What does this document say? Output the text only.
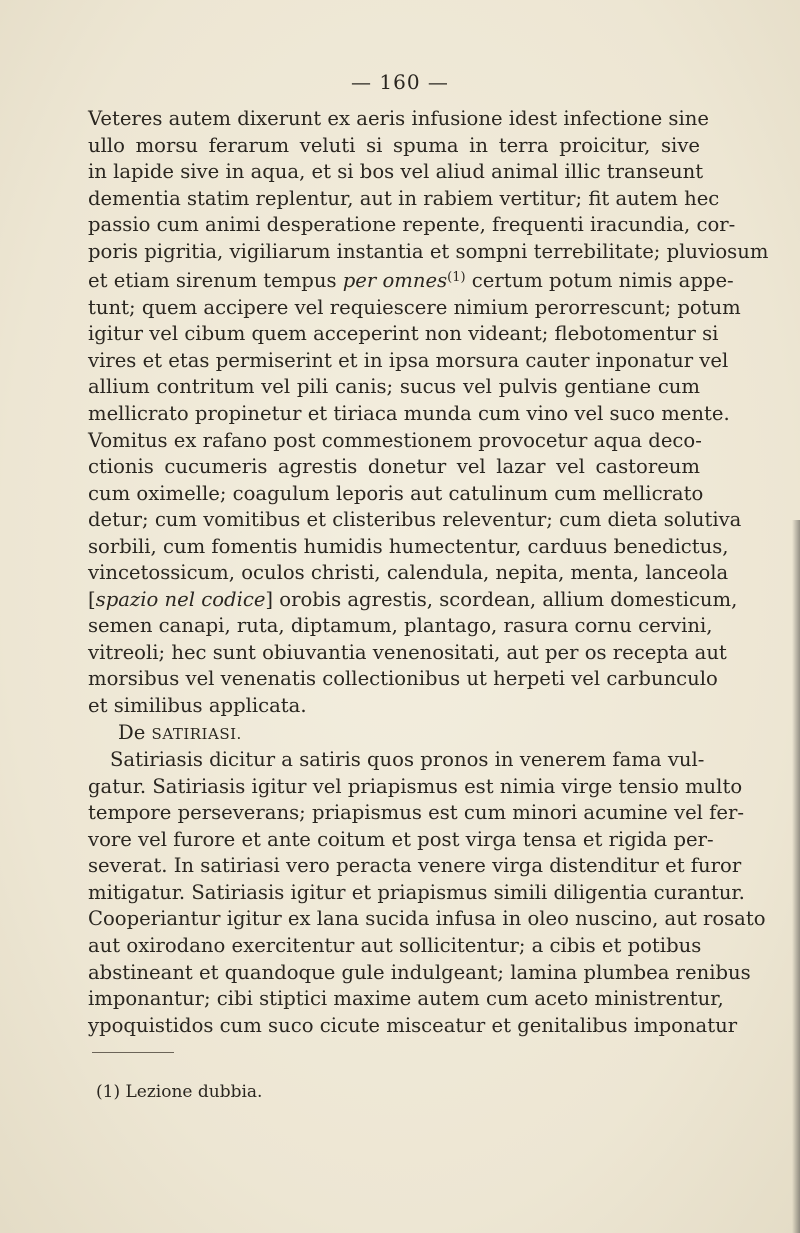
— 160 —
Veteres autem dixerunt ex aeris infusione idest infectione sine
ullo morsu ferarum veluti si spuma in terra proicitur, sive
in lapide sive in aqua, et si bos vel aliud animal illic transeunt
dementia statim replentur, aut in rabiem vertitur; fit autem hec
passio cum animi desperatione repente, frequenti iracundia, cor-
poris pigritia, vigiliarum instantia et sompni terrebilitate; pluviosum
et etiam sirenum tempus per omnes$^{(1)}$ certum potum nimis appe-
tunt; quem accipere vel requiescere nimium perorrescunt; potum
igitur vel cibum quem acceperint non videant; flebotomentur si
vires et etas permiserint et in ipsa morsura cauter inponatur vel
allium contritum vel pili canis; sucus vel pulvis gentiane cum
mellicrato propinetur et tiriaca munda cum vino vel suco mente.
Vomitus ex rafano post commestionem provocetur aqua deco-
ctionis cucumeris agrestis donetur vel lazar vel castoreum
cum oximelle; coagulum leporis aut catulinum cum mellicrato
detur; cum vomitibus et clisteribus releventur; cum dieta solutiva
sorbili, cum fomentis humidis humectentur, carduus benedictus,
vincetossicum, oculos christi, calendula, nepita, menta, lanceola
[spazio nel codice] orobis agrestis, scordean, allium domesticum,
semen canapi, ruta, diptamum, plantago, rasura cornu cervini,
vitreoli; hec sunt obiuvantia venenositati, aut per os recepta aut
morsibus vel venenatis collectionibus ut herpeti vel carbunculo
et similibus applicata.
De SATIRIASI.
Satiriasis dicitur a satiris quos pronos in venerem fama vul-
gatur. Satiriasis igitur vel priapismus est nimia virge tensio multo
tempore perseverans; priapismus est cum minori acumine vel fer-
vore vel furore et ante coitum et post virga tensa et rigida per-
severat. In satiriasi vero peracta venere virga distenditur et furor
mitigatur. Satiriasis igitur et priapismus simili diligentia curantur.
Cooperiantur igitur ex lana sucida infusa in oleo nuscino, aut rosato
aut oxirodano exercitentur aut sollicitentur; a cibis et potibus
abstineant et quandoque gule indulgeant; lamina plumbea renibus
imponantur; cibi stiptici maxime autem cum aceto ministrentur,
ypoquistidos cum suco cicute misceatur et genitalibus imponatur
(1) Lezione dubbia.
